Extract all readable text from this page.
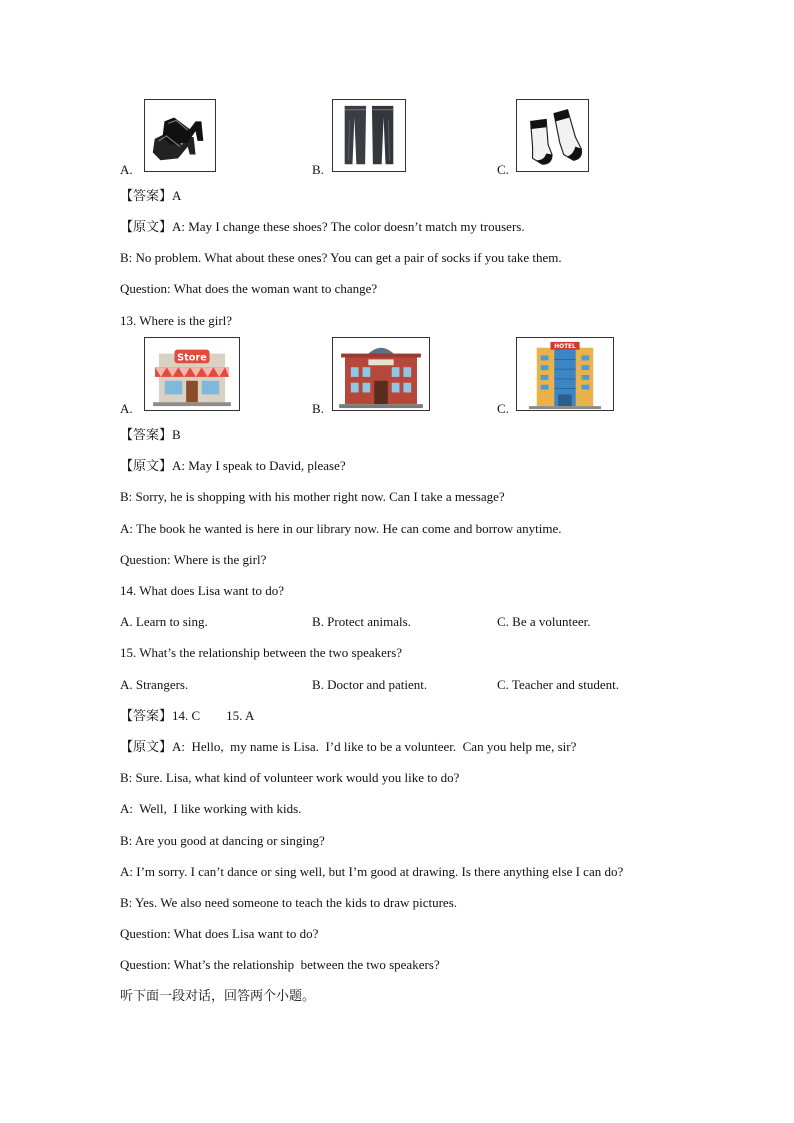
A.	B.	C.
【答案】A
【原文】A: May I change these shoes? The color doesn’t match my trousers.
B: No problem. What about these ones? You can get a pair of socks if you take them.
Question: What does the woman want to change?
13. Where is the girl?
Store
A.	B.
HOTEL
C.
【答案】B
【原文】A: May I speak to David, please?
B: Sorry, he is shopping with his mother right now. Can I take a message?
A: The book he wanted is here in our library now. He can come and borrow anytime.
Question: Where is the girl?
14. What does Lisa want to do?
A. Learn to sing.	B. Protect animals.	C. Be a volunteer.
15. What’s the relationship between the two speakers?
A. Strangers.	B. Doctor and patient.	C. Teacher and student.
【答案】14. C        15. A
【原文】A:  Hello,  my name is Lisa.  I’d like to be a volunteer.  Can you help me, sir?
B: Sure. Lisa, what kind of volunteer work would you like to do?
A:  Well,  I like working with kids.
B: Are you good at dancing or singing?
A: I’m sorry. I can’t dance or sing well, but I’m good at drawing. Is there anything else I can do?
B: Yes. We also need someone to teach the kids to draw pictures.
Question: What does Lisa want to do?
Question: What’s the relationship  between the two speakers?
听下面一段对话，回答两个小题。
